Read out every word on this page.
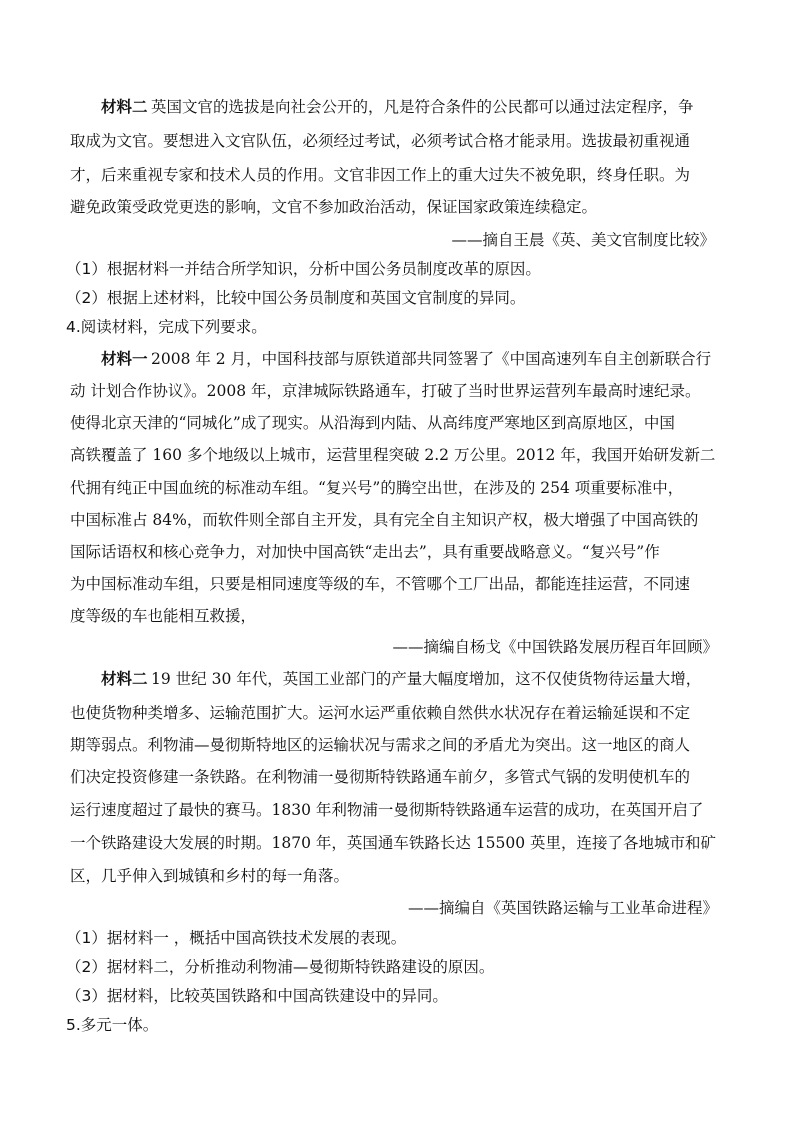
材料二 英国文官的选拔是向社会公开的，凡是符合条件的公民都可以通过法定程序，争
取成为文官。要想进入文官队伍，必须经过考试，必须考试合格才能录用。选拔最初重视通
才，后来重视专家和技术人员的作用。文官非因工作上的重大过失不被免职，终身任职。为
避免政策受政党更迭的影响，文官不参加政治活动，保证国家政策连续稳定。
——摘自王晨《英、美文官制度比较》
（1）根据材料一并结合所学知识，分析中国公务员制度改革的原因。
（2）根据上述材料，比较中国公务员制度和英国文官制度的异同。
4.阅读材料，完成下列要求。
材料一 2008 年 2 月，中国科技部与原铁道部共同签署了《中国高速列车自主创新联合行
动 计划合作协议》。2008 年，京津城际铁路通车，打破了当时世界运营列车最高时速纪录。
使得北京天津的“同城化”成了现实。从沿海到内陆、从高纬度严寒地区到高原地区，中国
高铁覆盖了 160 多个地级以上城市，运营里程突破 2.2 万公里。2012 年，我国开始研发新二
代拥有纯正中国血统的标准动车组。“复兴号”的腾空出世，在涉及的 254 项重要标准中，
中国标准占 84%，而软件则全部自主开发，具有完全自主知识产权，极大增强了中国高铁的
国际话语权和核心竞争力，对加快中国高铁“走出去”，具有重要战略意义。“复兴号”作
为中国标准动车组，只要是相同速度等级的车，不管哪个工厂出品，都能连挂运营，不同速
度等级的车也能相互救援，
——摘编自杨戈《中国铁路发展历程百年回顾》
材料二 19 世纪 30 年代，英国工业部门的产量大幅度增加，这不仅使货物待运量大增，
也使货物种类增多、运输范围扩大。运河水运严重依赖自然供水状况存在着运输延误和不定
期等弱点。利物浦—曼彻斯特地区的运输状况与需求之间的矛盾尤为突出。这一地区的商人
们决定投资修建一条铁路。在利物浦一曼彻斯特铁路通车前夕，多管式气锅的发明使机车的
运行速度超过了最快的赛马。1830 年利物浦一曼彻斯特铁路通车运营的成功，在英国开启了
一个铁路建设大发展的时期。1870 年，英国通车铁路长达 15500 英里，连接了各地城市和矿
区，几乎伸入到城镇和乡村的每一角落。
——摘编自《英国铁路运输与工业革命进程》
（1）据材料一 ，概括中国高铁技术发展的表现。
（2）据材料二，分析推动利物浦—曼彻斯特铁路建设的原因。
（3）据材料，比较英国铁路和中国高铁建设中的异同。
5.多元一体。
